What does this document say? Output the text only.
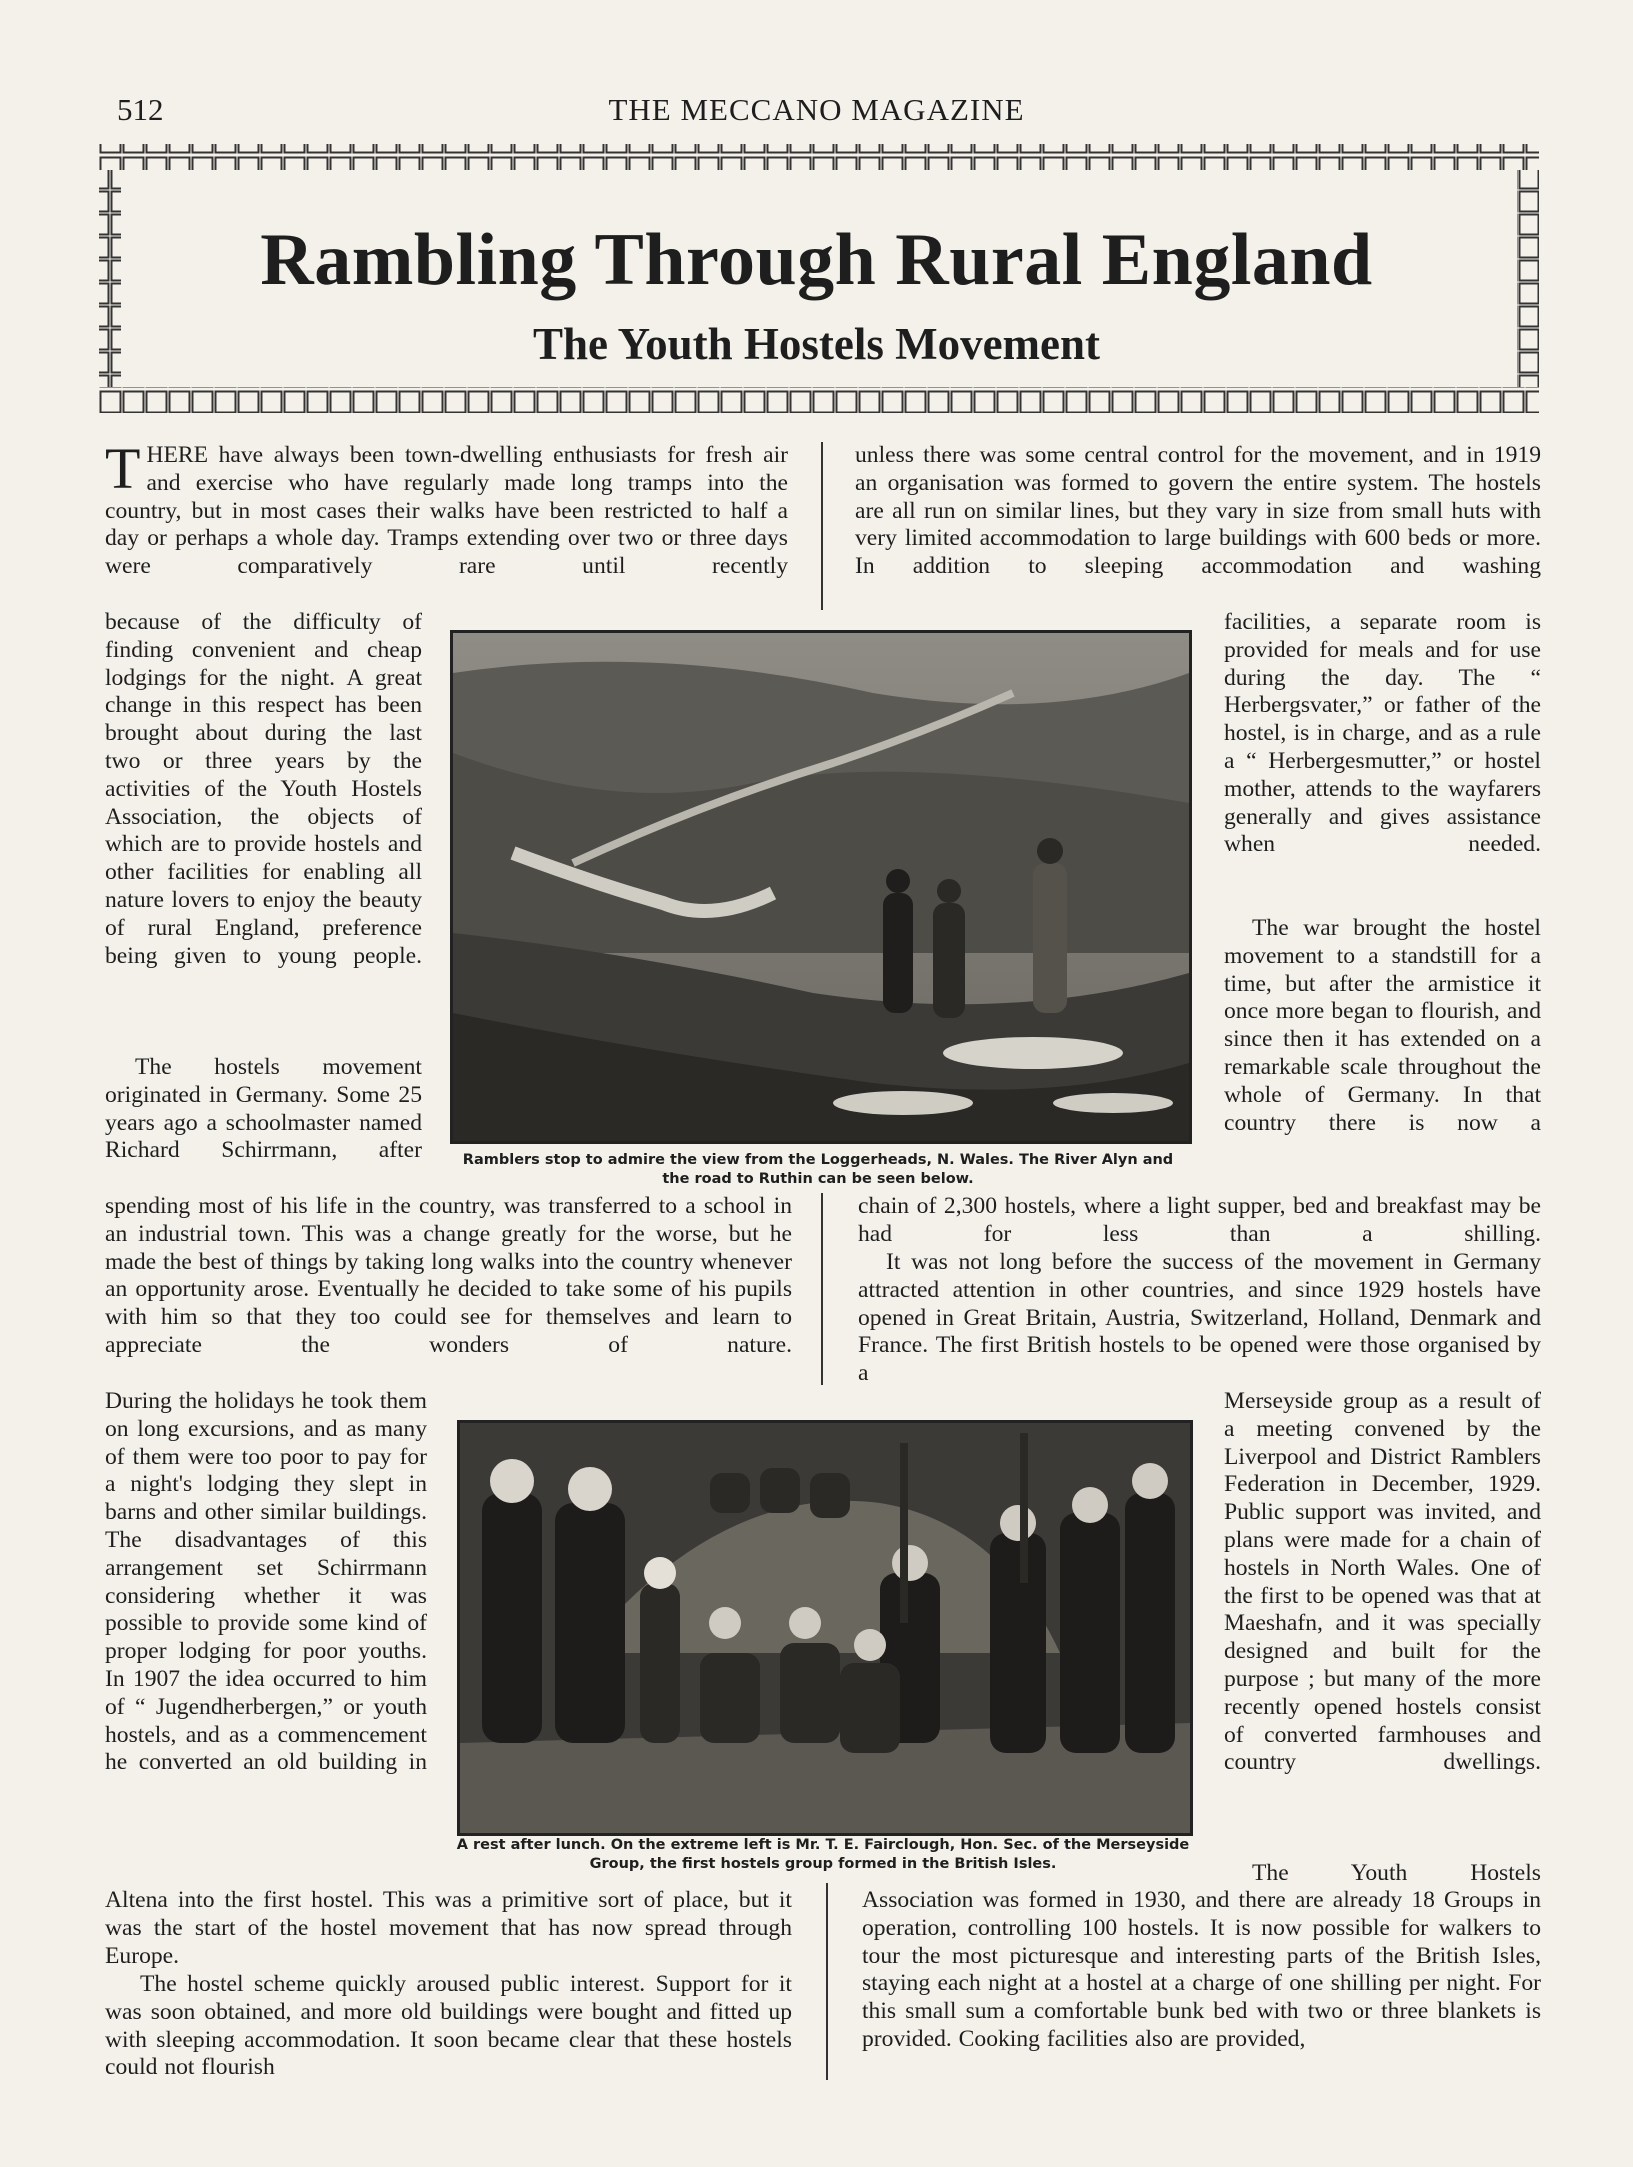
512	THE MECCANO MAGAZINE
Rambling Through Rural England
The Youth Hostels Movement
THERE have always been town-dwelling enthusiasts for fresh air and exercise who have regularly made long tramps into the country, but in most cases their walks have been restricted to half a day or perhaps a whole day. Tramps extending over two or three days were comparatively rare until recently
because of the difficulty of finding convenient and cheap lodgings for the night. A great change in this respect has been brought about during the last two or three years by the activities of the Youth Hostels Association, the objects of which are to provide hostels and other facilities for enabling all nature lovers to enjoy the beauty of rural England, preference being given to young people.
The hostels movement originated in Germany. Some 25 years ago a schoolmaster named Richard Schirrmann, after
spending most of his life in the country, was transferred to a school in an industrial town. This was a change greatly for the worse, but he made the best of things by taking long walks into the country whenever an opportunity arose. Eventually he decided to take some of his pupils with him so that they too could see for themselves and learn to appreciate the wonders of nature.
During the holidays he took them on long excursions, and as many of them were too poor to pay for a night's lodging they slept in barns and other similar buildings. The disadvantages of this arrangement set Schirrmann considering whether it was possible to provide some kind of proper lodging for poor youths. In 1907 the idea occurred to him of “ Jugendherbergen,” or youth hostels, and as a commencement he converted an old building in
Altena into the first hostel. This was a primitive sort of place, but it was the start of the hostel movement that has now spread through Europe.
The hostel scheme quickly aroused public interest. Support for it was soon obtained, and more old buildings were bought and fitted up with sleeping accommodation. It soon became clear that these hostels could not flourish
unless there was some central control for the movement, and in 1919 an organisation was formed to govern the entire system. The hostels are all run on similar lines, but they vary in size from small huts with very limited accommodation to large buildings with 600 beds or more. In addition to sleeping accommodation and washing
facilities, a separate room is provided for meals and for use during the day. The “ Herbergsvater,” or father of the hostel, is in charge, and as a rule a “ Herbergesmutter,” or hostel mother, attends to the wayfarers generally and gives assistance when needed.
The war brought the hostel movement to a standstill for a time, but after the armistice it once more began to flourish, and since then it has extended on a remarkable scale throughout the whole of Germany. In that country there is now a
chain of 2,300 hostels, where a light supper, bed and breakfast may be had for less than a shilling.
It was not long before the success of the movement in Germany attracted attention in other countries, and since 1929 hostels have opened in Great Britain, Austria, Switzerland, Holland, Denmark and France. The first British hostels to be opened were those organised by a
Merseyside group as a result of a meeting convened by the Liverpool and District Ramblers Federation in December, 1929. Public support was invited, and plans were made for a chain of hostels in North Wales. One of the first to be opened was that at Maeshafn, and it was specially designed and built for the purpose ; but many of the more recently opened hostels consist of converted farmhouses and country dwellings.
The Youth Hostels
Association was formed in 1930, and there are already 18 Groups in operation, controlling 100 hostels. It is now possible for walkers to tour the most picturesque and interesting parts of the British Isles, staying each night at a hostel at a charge of one shilling per night. For this small sum a comfortable bunk bed with two or three blankets is provided. Cooking facilities also are provided,
Ramblers stop to admire the view from the Loggerheads, N. Wales. The River Alyn and
the road to Ruthin can be seen below.
A rest after lunch. On the extreme left is Mr. T. E. Fairclough, Hon. Sec. of the Merseyside
Group, the first hostels group formed in the British Isles.
